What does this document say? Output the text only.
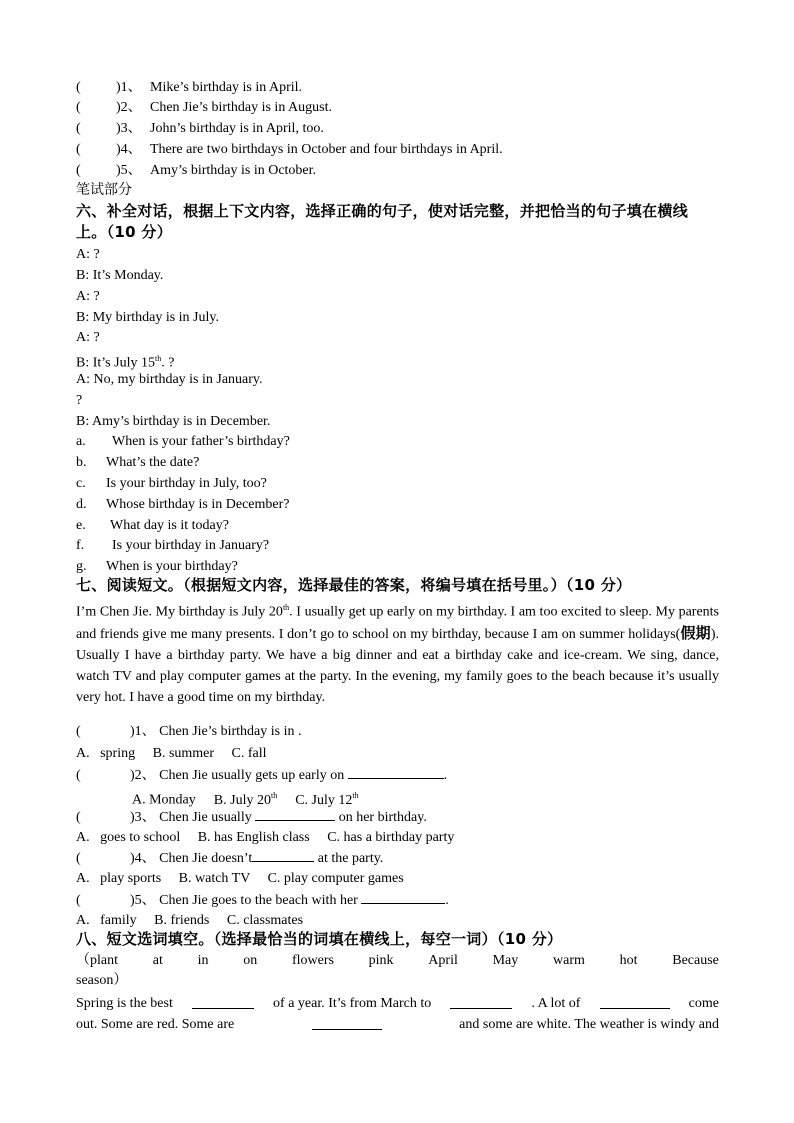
(	)1、 Mike’s birthday is in April.
(	)2、 Chen Jie’s birthday is in August.
(	)3、 John’s birthday is in April, too.
(	)4、 There are two birthdays in October and four birthdays in April.
(	)5、 Amy’s birthday is in October.
笔试部分
六、补全对话，根据上下文内容，选择正确的句子，使对话完整，并把恰当的句子填在横线
上。（10 分）
A: ?
B: It’s Monday.
A: ?
B: My birthday is in July.
A: ?
B: It’s July 15th. ?
A: No, my birthday is in January.
?
B: Amy’s birthday is in December.
a. When is your father’s birthday?
b. What’s the date?
c. Is your birthday in July, too?
d. Whose birthday is in December?
e. What day is it today?
f. Is your birthday in January?
g. When is your birthday?
七、阅读短文。（根据短文内容，选择最佳的答案，将编号填在括号里。）（10 分）
I’m Chen Jie. My birthday is July 20th. I usually get up early on my birthday. I am too excited to sleep. My parents and friends give me many presents. I don’t go to school on my birthday, because I am on summer holidays(假期). Usually I have a birthday party. We have a big dinner and eat a birthday cake and ice-cream. We sing, dance, watch TV and play computer games at the party. In the evening, my family goes to the beach because it’s usually very hot. I have a good time on my birthday.
(	)1、 Chen Jie’s birthday is in .
A.   spring     B. summer     C. fall
(	)2、 Chen Jie usually gets up early on	.
A. Monday B. July 20th C. July 12th
(	)3、 Chen Jie usually	on her birthday.
A.   goes to school     B. has English class     C. has a birthday party
(	)4、 Chen Jie doesn’t	at the party.
A.   play sports     B. watch TV     C. play computer games
(	)5、 Chen Jie goes to the beach with her	.
A.   family     B. friends     C. classmates
八、短文选词填空。（选择最恰当的词填在横线上，每空一词）（10 分）
（plant at in on flowers pink April May warm hot Because
season）
Spring is the best	of a year. It’s from March to	. A lot of	come
out. Some are red. Some are	and some are white. The weather is windy and
